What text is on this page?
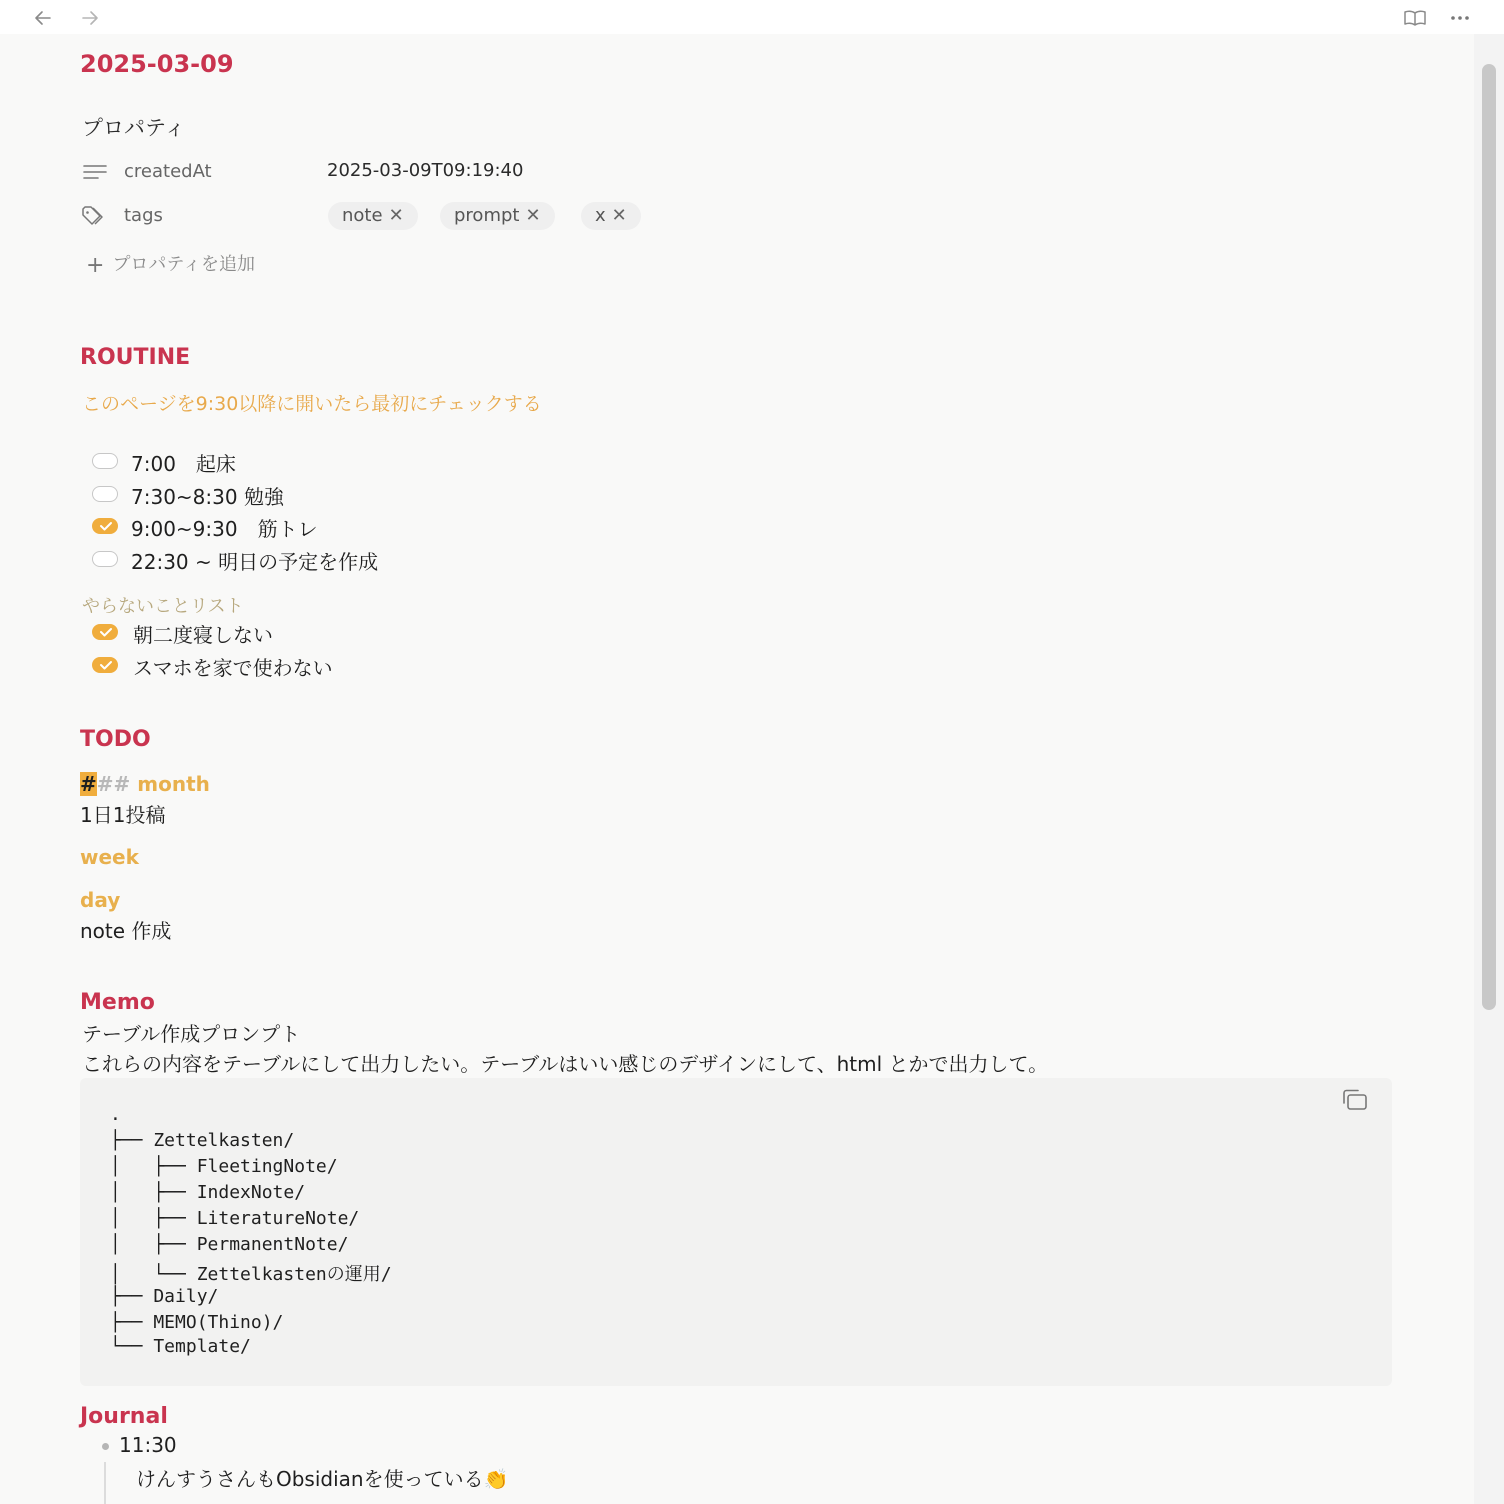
2025-03-09
プロパティ
createdAt	2025-03-09T09:19:40
tags	note ✕	prompt ✕	x ✕
+ プロパティを追加
ROUTINE
このページを9:30以降に開いたら最初にチェックする
7:00　起床
7:30~8:30 勉強
9:00~9:30　筋トレ
22:30 ~ 明日の予定を作成
やらないことリスト
朝二度寝しない
スマホを家で使わない
TODO
### month
1日1投稿
week
day
note 作成
Memo
テーブル作成プロンプト
これらの内容をテーブルにして出力したい。テーブルはいい感じのデザインにして、html とかで出力して。
.
├── Zettelkasten/
│   ├── FleetingNote/
│   ├── IndexNote/
│   ├── LiteratureNote/
│   ├── PermanentNote/
│   └── Zettelkastenの運用/
├── Daily/
├── MEMO(Thino)/
└── Template/
Journal
11:30
けんすうさんもObsidianを使っている👏
